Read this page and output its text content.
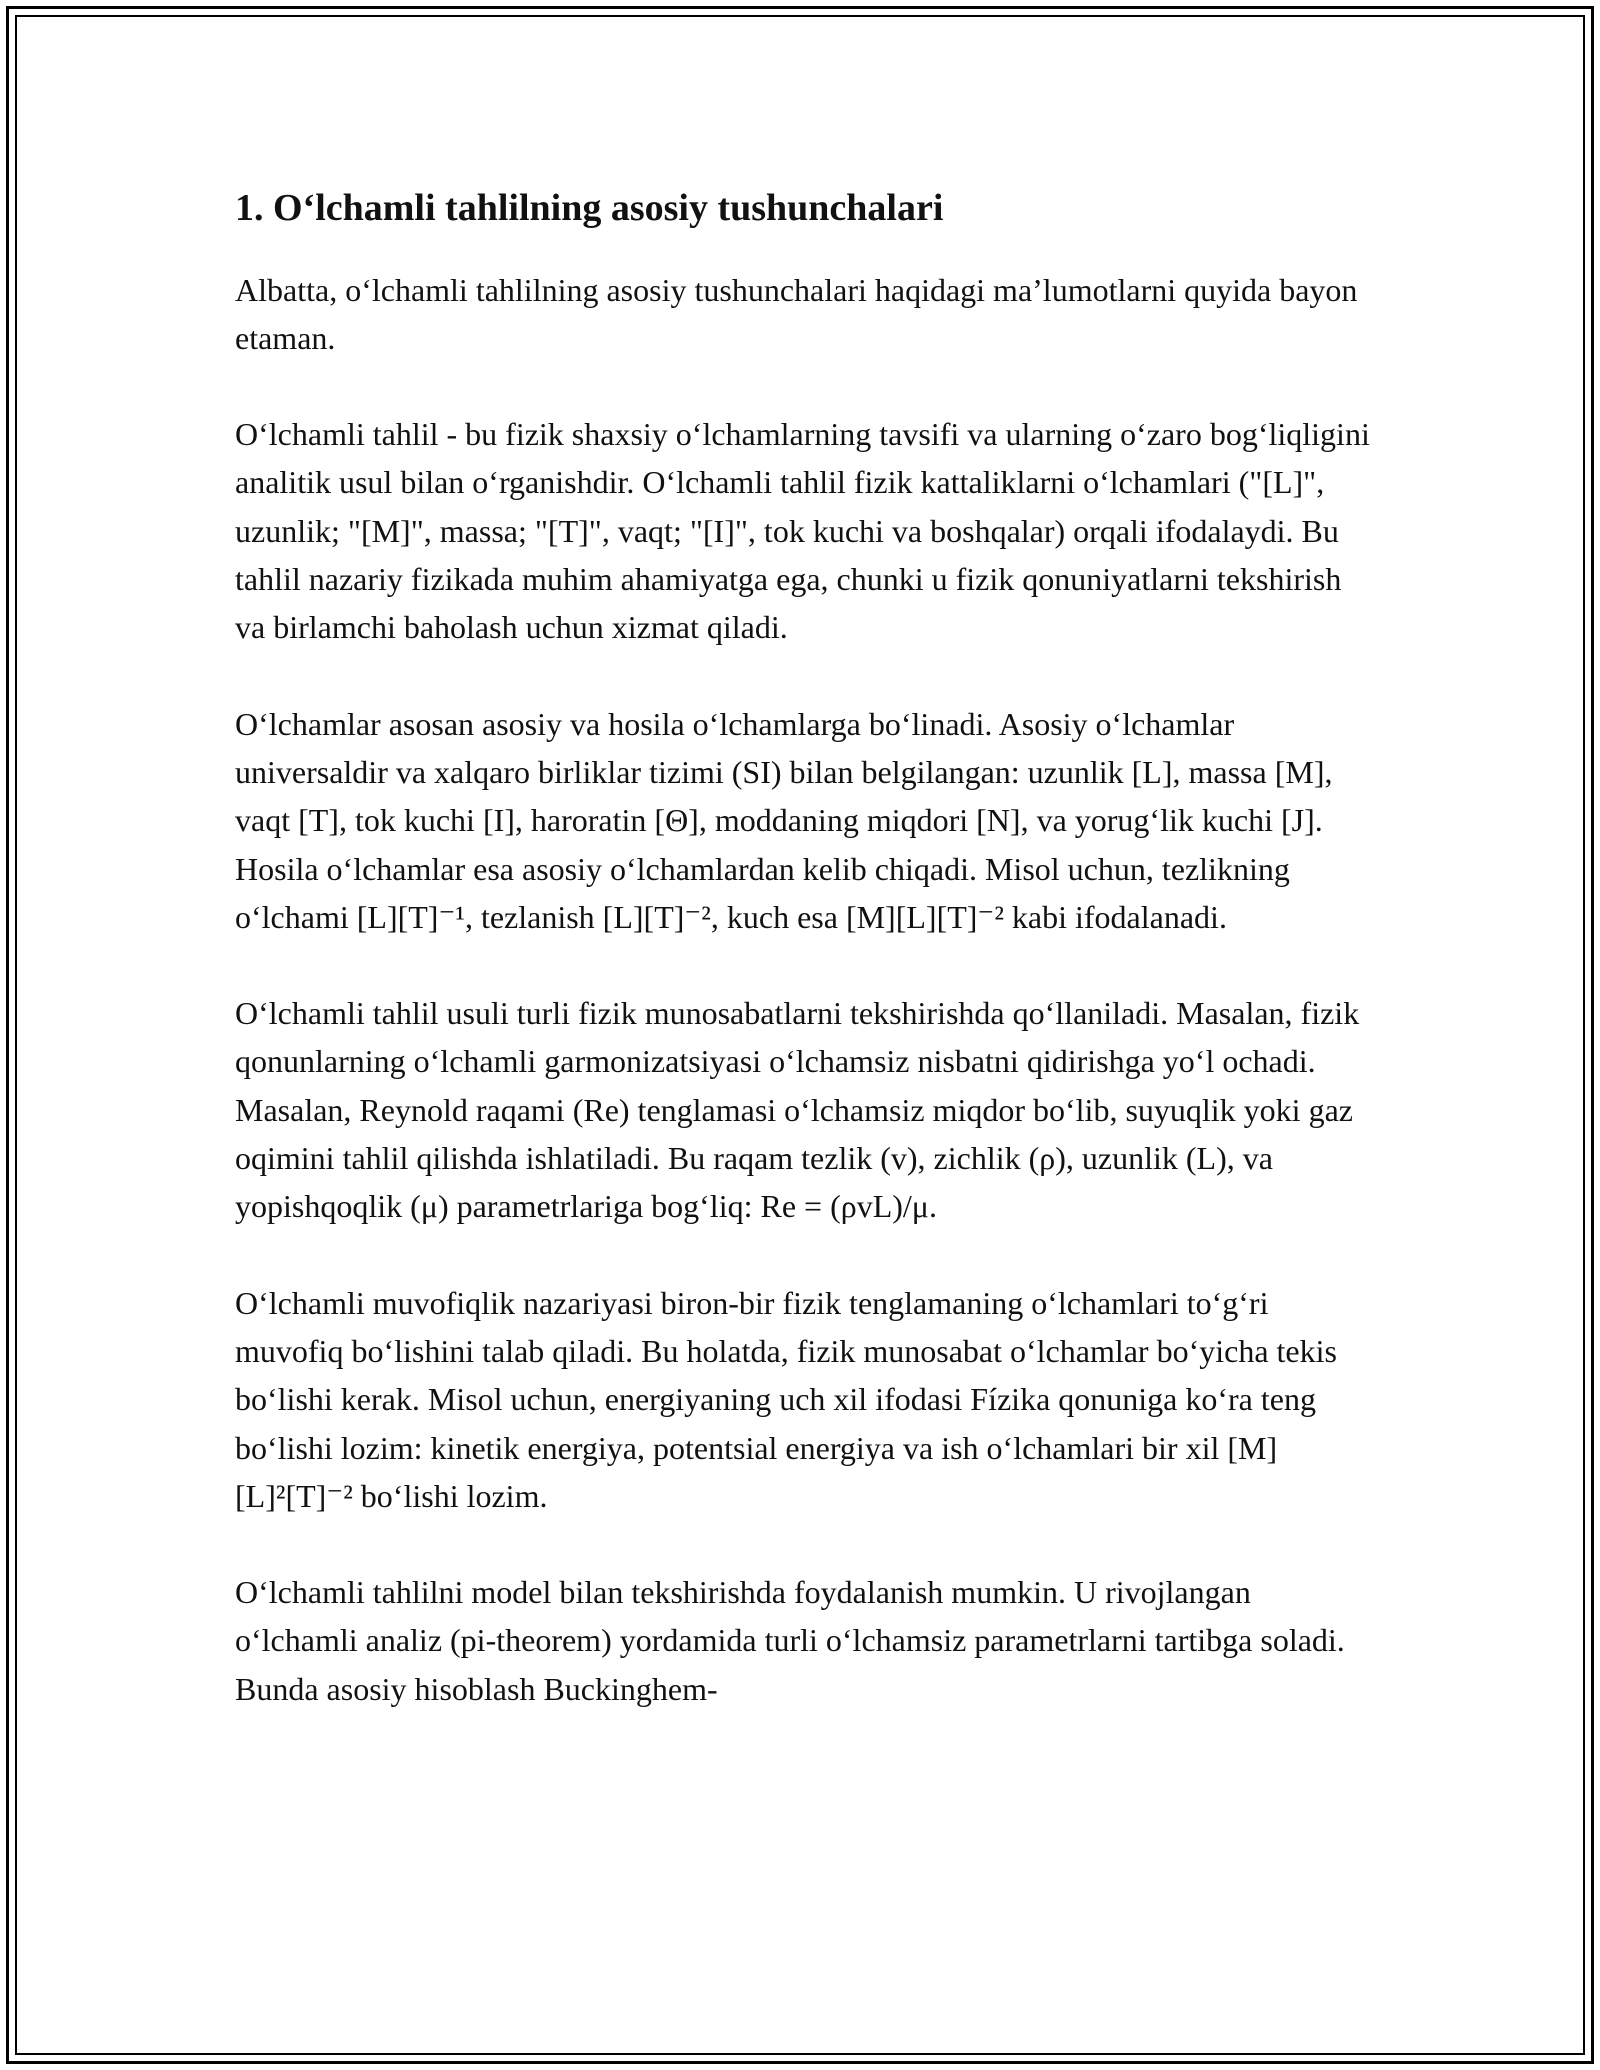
1. O‘lchamli tahlilning asosiy tushunchalari

Albatta, o‘lchamli tahlilning asosiy tushunchalari haqidagi ma’lumotlarni quyida bayon etaman.

O‘lchamli tahlil - bu fizik shaxsiy o‘lchamlarning tavsifi va ularning o‘zaro bog‘liqligini analitik usul bilan o‘rganishdir. O‘lchamli tahlil fizik kattaliklarni o‘lchamlari ("[L]", uzunlik; "[M]", massa; "[T]", vaqt; "[I]", tok kuchi va boshqalar) orqali ifodalaydi. Bu tahlil nazariy fizikada muhim ahamiyatga ega, chunki u fizik qonuniyatlarni tekshirish va birlamchi baholash uchun xizmat qiladi.

O‘lchamlar asosan asosiy va hosila o‘lchamlarga bo‘linadi. Asosiy o‘lchamlar universaldir va xalqaro birliklar tizimi (SI) bilan belgilangan: uzunlik [L], massa [M], vaqt [T], tok kuchi [I], haroratin [Θ], moddaning miqdori [N], va yorug‘lik kuchi [J]. Hosila o‘lchamlar esa asosiy o‘lchamlardan kelib chiqadi. Misol uchun, tezlikning o‘lchami [L][T]⁻¹, tezlanish [L][T]⁻², kuch esa [M][L][T]⁻² kabi ifodalanadi.

O‘lchamli tahlil usuli turli fizik munosabatlarni tekshirishda qo‘llaniladi. Masalan, fizik qonunlarning o‘lchamli garmonizatsiyasi o‘lchamsiz nisbatni qidirishga yo‘l ochadi. Masalan, Reynold raqami (Re) tenglamasi o‘lchamsiz miqdor bo‘lib, suyuqlik yoki gaz oqimini tahlil qilishda ishlatiladi. Bu raqam tezlik (v), zichlik (ρ), uzunlik (L), va yopishqoqlik (μ) parametrlariga bog‘liq: Re = (ρvL)/μ.

O‘lchamli muvofiqlik nazariyasi biron-bir fizik tenglamaning o‘lchamlari to‘g‘ri muvofiq bo‘lishini talab qiladi. Bu holatda, fizik munosabat o‘lchamlar bo‘yicha tekis bo‘lishi kerak. Misol uchun, energiyaning uch xil ifodasi Fízika qonuniga ko‘ra teng bo‘lishi lozim: kinetik energiya, potentsial energiya va ish o‘lchamlari bir xil [M][L]²[T]⁻² bo‘lishi lozim.

O‘lchamli tahlilni model bilan tekshirishda foydalanish mumkin. U rivojlangan o‘lchamli analiz (pi-theorem) yordamida turli o‘lchamsiz parametrlarni tartibga soladi. Bunda asosiy hisoblash Buckinghem-
